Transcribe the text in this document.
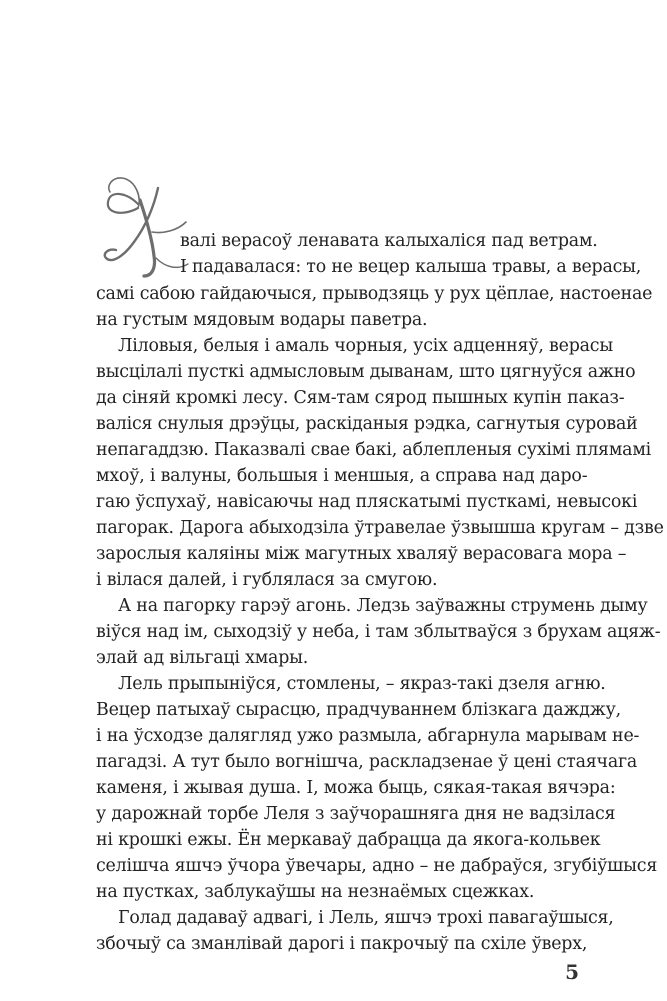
валі верасоў ленавата калыхаліся пад ветрам.
І падавалася: то не вецер калыша травы, а верасы,
самі сабою гайдаючыся, прыводзяць у рух цёплае, настоенае
на густым мядовым водары паветра.
Ліловыя, белыя і амаль чорныя, усіх адценняў, верасы
высцілалі пусткі адмысловым дыванам, што цягнуўся ажно
да сіняй кромкі лесу. Сям-там сярод пышных купін паказ-
валіся снулыя дрэўцы, раскіданыя рэдка, сагнутыя суровай
непагаддзю. Паказвалі свае бакі, аблепленыя сухімі плямамі
мхоў, і валуны, большыя і меншыя, а справа над дарo-
гаю ўспухаў, навісаючы над пляскатымі пусткамі, невысокі
пагорак. Дарога абыходзіла ўтравелае ўзвышша кругам – дзве
зарослыя каляіны між магутных хваляў верасовага мора –
і вілася далей, і гублялася за смугою.
А на пагорку гарэў агонь. Ледзь заўважны струмень дыму
віўся над ім, сыходзіў у неба, і там зблытваўся з брухам ацяж-
элай ад вільгаці хмары.
Лель прыпыніўся, стомлены, – якраз-такі дзеля агню.
Вецер патыхаў сырасцю, прадчуваннем блізкага дажджу,
і на ўсходзе далягляд ужо размыла, абгарнула марывам не-
пагадзі. А тут было вогнішча, раскладзенае ў цені стаячага
каменя, і жывая душа. І, можа быць, сякая-такая вячэра:
у дарожнай торбе Леля з заўчорашняга дня не вадзілася
ні крошкі ежы. Ён меркаваў дабрацца да якога-кольвек
селішча яшчэ ўчора ўвечары, адно – не дабраўся, згубіўшыся
на пустках, заблукаўшы на незнаёмых сцежках.
Голад дадаваў адвагі, і Лель, яшчэ трохі павагаўшыся,
збочыў са зманлівай дарогі і пакрочыў па схіле ўверх,
5
